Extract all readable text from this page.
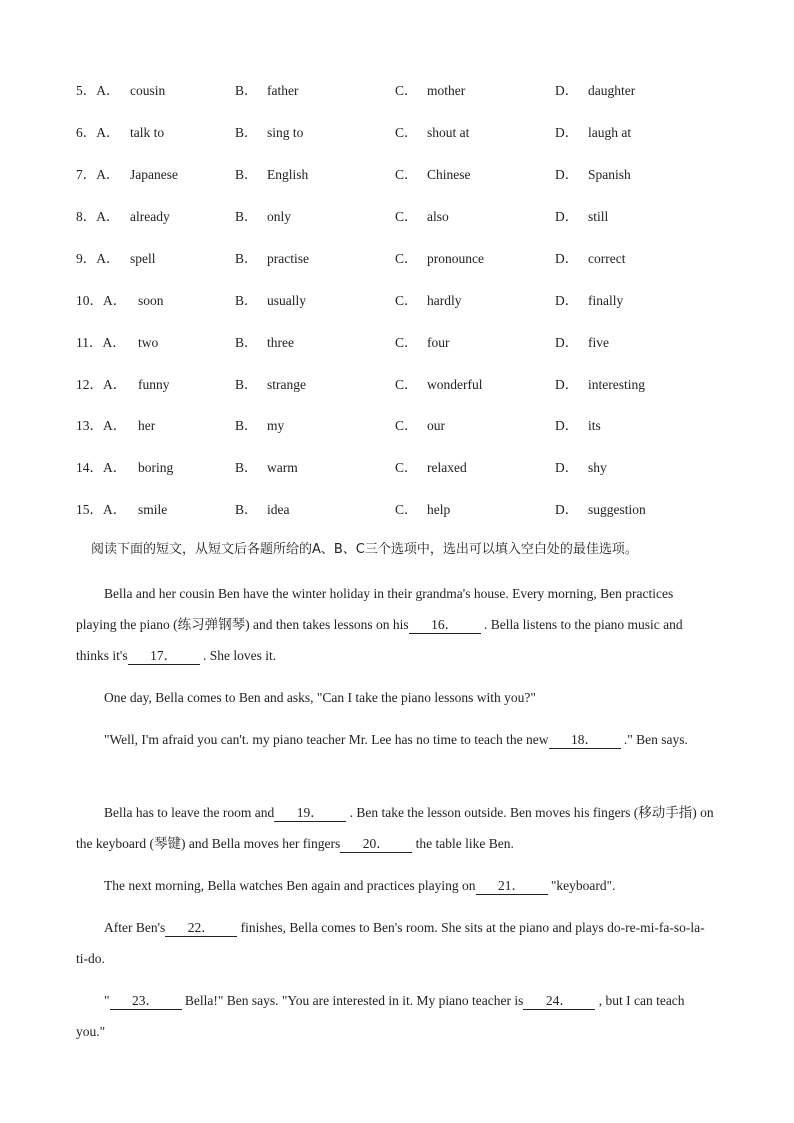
5．A． cousin	B． father	C． mother	D． daughter
6．A． talk to	B． sing to	C． shout at	D． laugh at
7．A． Japanese	B． English	C． Chinese	D． Spanish
8．A． already	B． only	C． also	D． still
9．A． spell	B． practise	C． pronounce	D． correct
10．A． soon	B． usually	C． hardly	D． finally
11．A． two	B． three	C． four	D． five
12．A． funny	B． strange	C． wonderful	D． interesting
13．A． her	B． my	C． our	D． its
14．A． boring	B． warm	C． relaxed	D． shy
15．A． smile	B． idea	C． help	D． suggestion
阅读下面的短文，从短文后各题所给的A、B、C三个选项中，选出可以填入空白处的最佳选项。
Bella and her cousin Ben have the winter holiday in their grandma's house. Every morning, Ben practices playing the piano (练习弹钢琴) and then takes lessons on his 16． . Bella listens to the piano music and thinks it's 17． . She loves it.
One day, Bella comes to Ben and asks, "Can I take the piano lessons with you?"
"Well, I'm afraid you can't. my piano teacher Mr. Lee has no time to teach the new 18． ." Ben says.
Bella has to leave the room and 19． . Ben take the lesson outside. Ben moves his fingers (移动手指) on the keyboard (琴键) and Bella moves her fingers 20． the table like Ben.
The next morning, Bella watches Ben again and practices playing on 21． "keyboard".
After Ben's 22． finishes, Bella comes to Ben's room. She sits at the piano and plays do-re-mi-fa-so-la-ti-do.
" 23． Bella!" Ben says. "You are interested in it. My piano teacher is 24． , but I can teach you."
